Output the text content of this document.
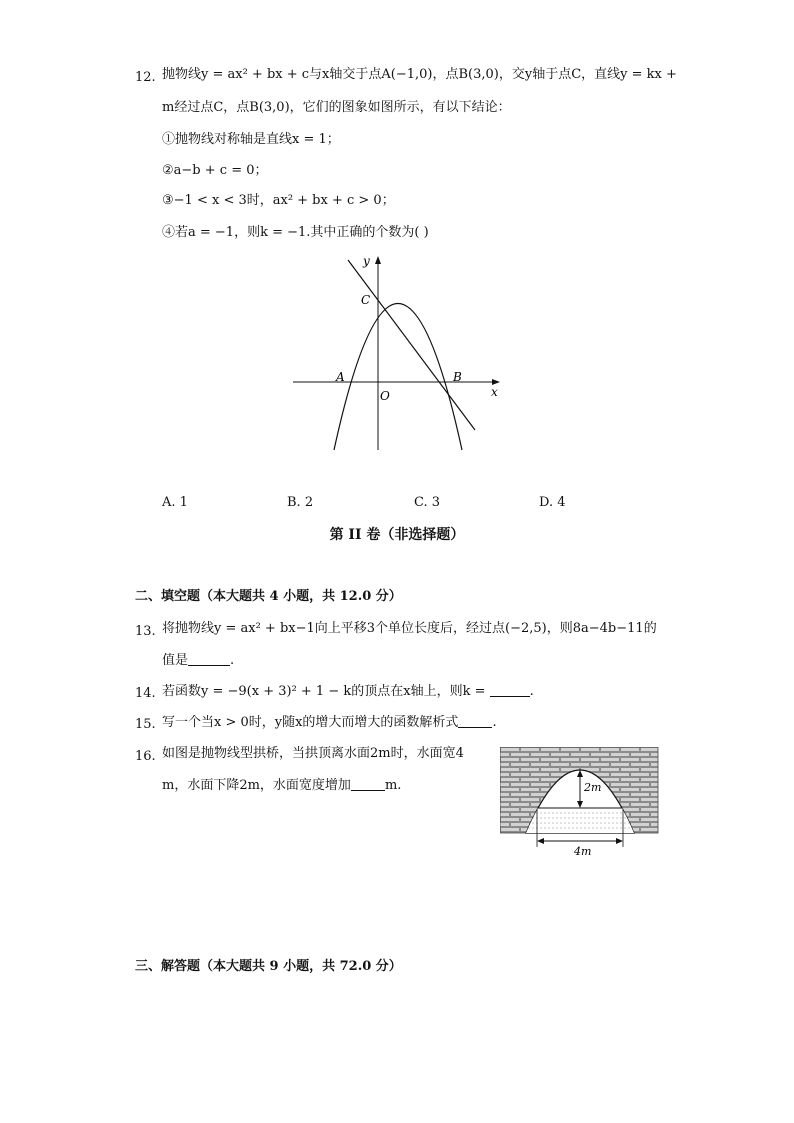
12. 抛物线y = ax² + bx + c与x轴交于点A(−1,0)，点B(3,0)，交y轴于点C，直线y = kx +
m经过点C，点B(3,0)，它们的图象如图所示，有以下结论：
①抛物线对称轴是直线x = 1；
②a−b + c = 0；
③−1 < x < 3时，ax² + bx + c > 0；
④若a = −1，则k = −1.其中正确的个数为( )
y
x
A	B
C
O
A. 1	B. 2	C. 3	D. 4
第 II 卷（非选择题）
二、填空题（本大题共 4 小题，共 12.0 分）
13. 将抛物线y = ax² + bx−1向上平移3个单位长度后，经过点(−2,5)，则8a−4b−11的
值是	.
14. 若函数y = −9(x + 3)² + 1 − k的顶点在x轴上，则k =	.
15. 写一个当x > 0时，y随x的增大而增大的函数解析式	.
16. 如图是抛物线型拱桥，当拱顶离水面2m时，水面宽4
m，水面下降2m，水面宽度增加	m.	2m
4m
三、解答题（本大题共 9 小题，共 72.0 分）
